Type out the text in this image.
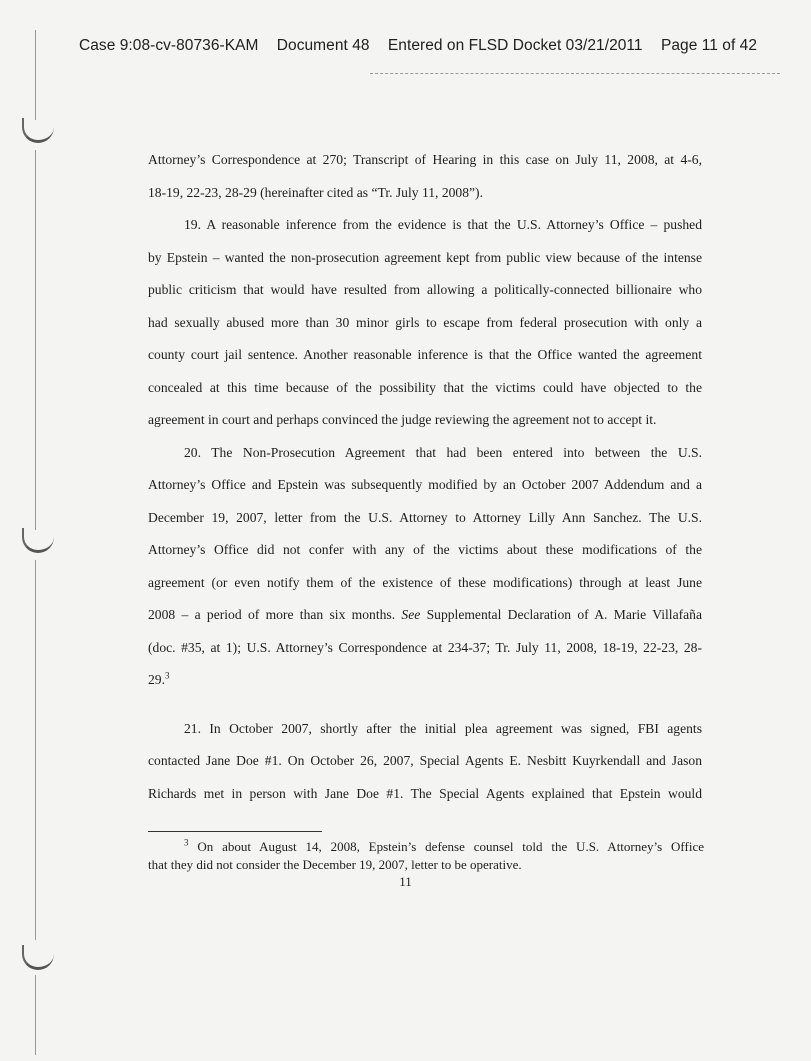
Case 9:08-cv-80736-KAM Document 48 Entered on FLSD Docket 03/21/2011 Page 11 of 42
Attorney’s Correspondence at 270; Transcript of Hearing in this case on July 11, 2008, at 4-6,
18-19, 22-23, 28-29 (hereinafter cited as “Tr. July 11, 2008”).
19. A reasonable inference from the evidence is that the U.S. Attorney’s Office – pushed
by Epstein – wanted the non-prosecution agreement kept from public view because of the intense
public criticism that would have resulted from allowing a politically-connected billionaire who
had sexually abused more than 30 minor girls to escape from federal prosecution with only a
county court jail sentence. Another reasonable inference is that the Office wanted the agreement
concealed at this time because of the possibility that the victims could have objected to the
agreement in court and perhaps convinced the judge reviewing the agreement not to accept it.
20. The Non-Prosecution Agreement that had been entered into between the U.S.
Attorney’s Office and Epstein was subsequently modified by an October 2007 Addendum and a
December 19, 2007, letter from the U.S. Attorney to Attorney Lilly Ann Sanchez. The U.S.
Attorney’s Office did not confer with any of the victims about these modifications of the
agreement (or even notify them of the existence of these modifications) through at least June
2008 – a period of more than six months. See Supplemental Declaration of A. Marie Villafaña
(doc. #35, at 1); U.S. Attorney’s Correspondence at 234-37; Tr. July 11, 2008, 18-19, 22-23, 28-
29.$^3$
21. In October 2007, shortly after the initial plea agreement was signed, FBI agents
contacted Jane Doe #1. On October 26, 2007, Special Agents E. Nesbitt Kuyrkendall and Jason
Richards met in person with Jane Doe #1. The Special Agents explained that Epstein would
$^3$ On about August 14, 2008, Epstein’s defense counsel told the U.S. Attorney’s Office
that they did not consider the December 19, 2007, letter to be operative.
11
